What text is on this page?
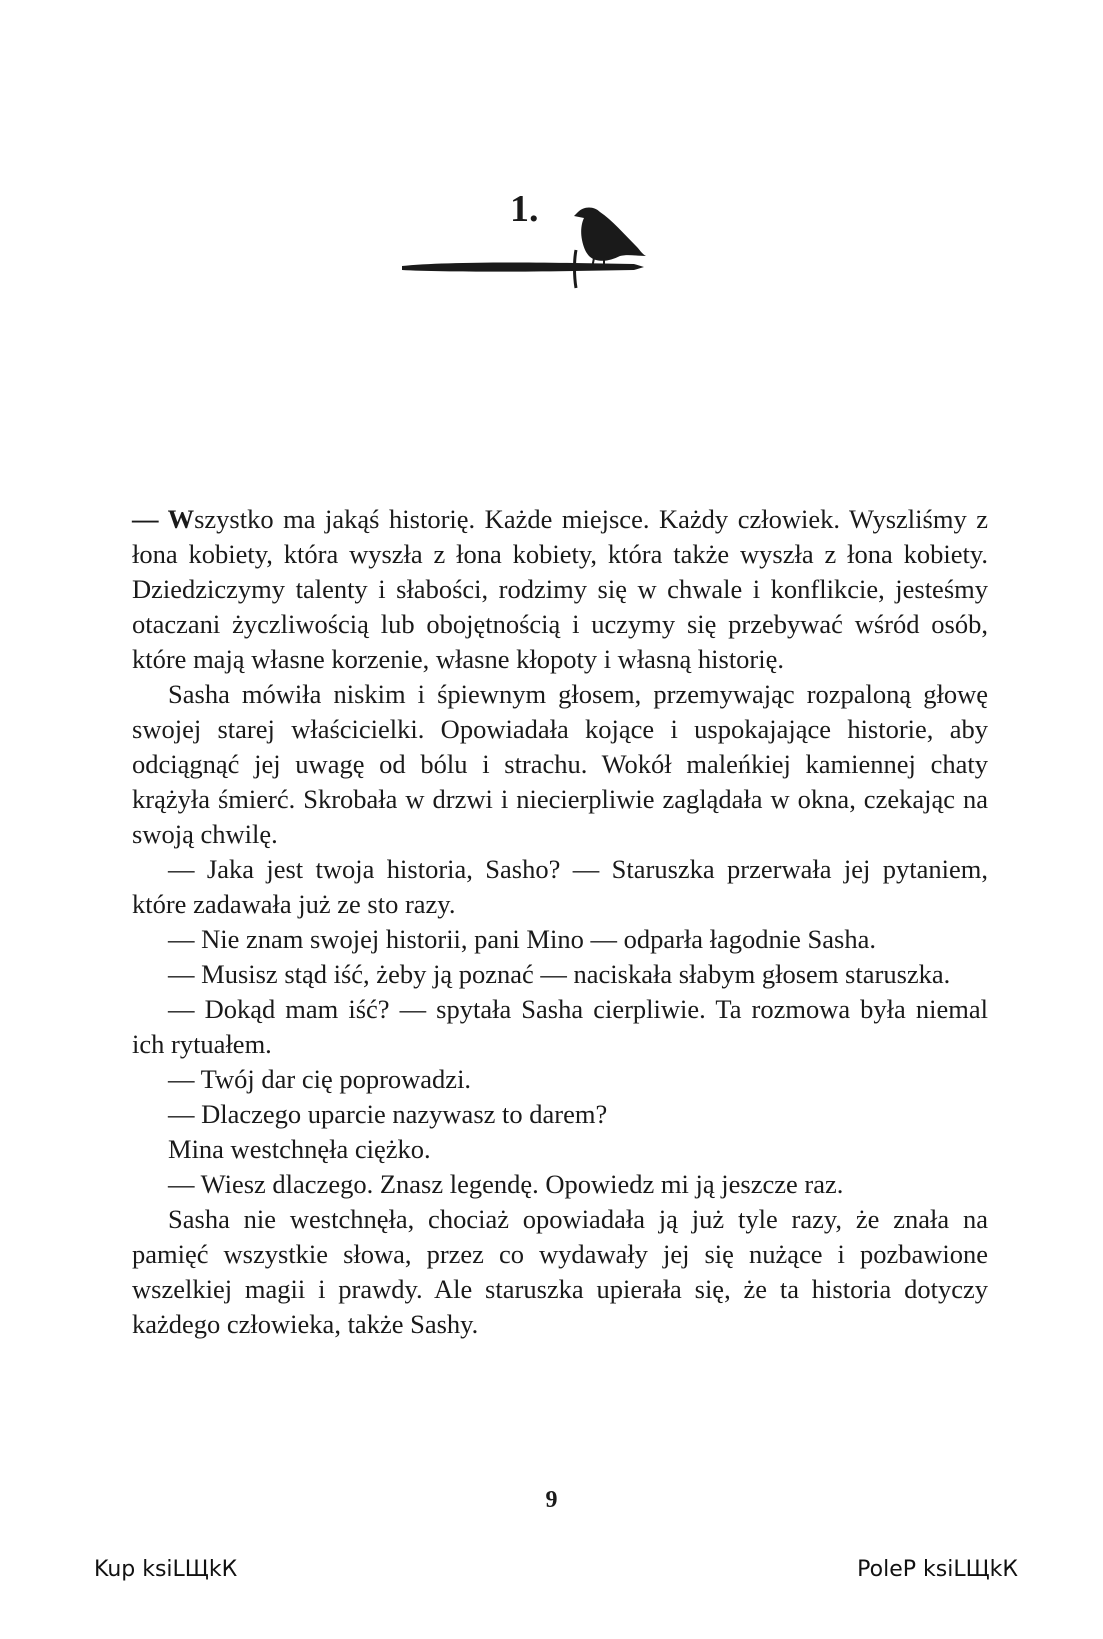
1.

— Wszystko ma jakąś historię. Każde miejsce. Każdy człowiek. Wyszliśmy z łona kobiety, która wyszła z łona kobiety, która także wyszła z łona kobiety. Dziedziczymy talenty i słabości, rodzimy się w chwale i konflikcie, jesteśmy otaczani życzliwością lub obojętnością i uczymy się przebywać wśród osób, które mają własne korzenie, własne kłopoty i własną historię.

Sasha mówiła niskim i śpiewnym głosem, przemywając rozpaloną głowę swojej starej właścicielki. Opowiadała kojące i uspokajające historie, aby odciągnąć jej uwagę od bólu i strachu. Wokół maleńkiej kamiennej chaty krążyła śmierć. Skrobała w drzwi i niecierpliwie zaglądała w okna, czekając na swoją chwilę.

— Jaka jest twoja historia, Sasho? — Staruszka przerwała jej pytaniem, które zadawała już ze sto razy.

— Nie znam swojej historii, pani Mino — odparła łagodnie Sasha.

— Musisz stąd iść, żeby ją poznać — naciskała słabym głosem staruszka.

— Dokąd mam iść? — spytała Sasha cierpliwie. Ta rozmowa była niemal ich rytuałem.

— Twój dar cię poprowadzi.

— Dlaczego uparcie nazywasz to darem?

Mina westchnęła ciężko.

— Wiesz dlaczego. Znasz legendę. Opowiedz mi ją jeszcze raz.

Sasha nie westchnęła, chociaż opowiadała ją już tyle razy, że znała na pamięć wszystkie słowa, przez co wydawały jej się nużące i pozbawione wszelkiej magii i prawdy. Ale staruszka upierała się, że ta historia dotyczy każdego człowieka, także Sashy.

9
Kup ksiLЩkК	PoleР ksiLЩkК
